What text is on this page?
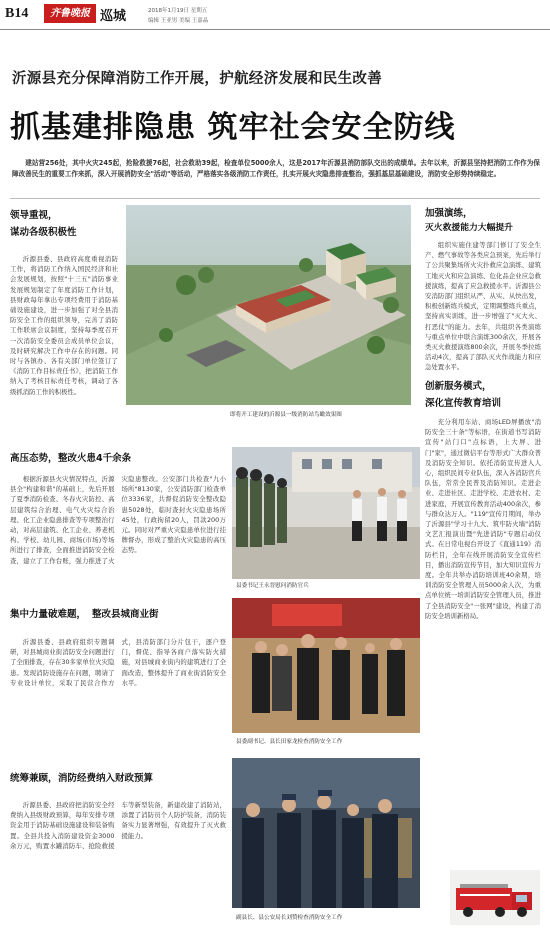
B14	齐鲁晚报 巡城	2018年1月19日 星期五
编辑 王亚男 美编 王嘉晶
沂源县充分保障消防工作开展，护航经济发展和民生改善
抓基建排隐患 筑牢社会安全防线

建站营256处，其中火灾245起，抢险救援76起，社会救助39起，检查单位5000余人，这是2017年沂源县消防部队交出的成绩单。去年以来，沂源县坚持把消防工作作为保障改善民生的重要工作来抓，深入开展消防安全"活动"等活动，严格落实各级消防工作责任，扎实开展火灾隐患排查整治，强抓基层基础建设，消防安全形势持续稳定。

领导重视，
谋动各级积极性

沂源县委、县政府高度重视消防工作，将消防工作纳入国民经济和社会发展规划，按照"十三五"消防事业发展规划制定了年度消防工作计划，县财政每年拿出专项经费用于消防基础设施建设，进一步加强了对全县消防安全工作的组织领导，完善了消防工作联席会议制度，坚持每季度召开一次消防安全委员会成员单位会议，及时研究解决工作中存在的问题。同时与各镇办、各有关部门单位签订了《消防工作目标责任书》，把消防工作纳入了考核目标责任考核，调动了各级抓消防工作的积极性。

即将开工建设的沂源县一级消防站鸟瞰效果图
加强演练，
灭火救援能力大幅提升

组织实施住建等部门修订了安全生产、燃气事故等各类应急预案，先后举行了公共聚集场所火灾扑救应急演练、建筑工地灭火和应急演练、危化品企业应急救援演练，提高了应急救援水平。沂源县公安消防部门组织从严、从实、从快出发，积极创新练兵模式，定期调整练兵重点，坚持真实训练，进一步增强了"灭大火、打恶仗"的能力。去年，共组织各类演练与重点单位中联合演练300余次，开展各类灭火救援演练800余次，开展冬季拉练活动4次，提高了部队灭火作战能力和应急处置水平。

创新服务模式，
深化宣传教育培训

充分利用车站、商场LED屏播放"消防安全三十条"等标语，在街道书写消防宣传"站门口"点标语，上大屏、进门"家"，通过微信平台等形式广大群众普及消防安全知识。依托消防宣传进入人心，组织民间专业队伍，深入各消防官兵队伍，常常全民普及消防知识。走进企业、走进社区、走进学校、走进农村、走进家庭，开展宣传教育活动400余次，参与群众达万人。"119"宣传月期间，举办了沂源县"学习十九大、筑牢防火墙"消防文艺汇报演出暨"先进消防"专题启动仪式。在日常电视台开设了《直通119》消防栏目，全年在线开展消防安全宣传栏目，播出消防宣传节目，加大知识宣传力度。全年共举办消防培训班40余期，培训消防安全管理人员5000余人次，为重点单位统一培训消防安全管理人员，推进了全县消防安全"一张网"建设，构建了消防安全培训新格局。

高压态势， 整改火患4千余条

根据沂源县火灾情况特点，沂源县全"构建和谐"的基础上，先后开展了夏季消防检查、冬春火灾防控、高层建筑综合治理、电气火灾综合治理、化工企业隐患排查等专项整治行动，对高层建筑、化工企业、养老机构、学校、幼儿园、商场(市场)等场所进行了排查，全面推进消防安全检查，建立了工作台账，强力推进了火灾隐患整改。公安部门共检查"九小场所"8130家，公安消防部门检查单位3336家，共督促消防安全整改隐患5028处，临时查封火灾隐患场所45处，行政拘留20人，罚款200万元。同时对严重火灾隐患单位进行挂牌督办，形成了整治火灾隐患的高压态势。

县委书记王永晋慰问消防官兵
集中力量破难题， 整改县城商业街

沂源县委、县政府组织专题调研，对县城商业街消防安全问题进行了全面排查，存在30多家单位火灾隐患。发现消防设施存在问题，聘请了专业设计单位，采取了民营合作方式，县消防部门分片包干，逐户登门，督促、指导各商户落实防火措施，对县城商业街内的建筑进行了全面改造，整体提升了商业街消防安全水平。

县委副书记、县长田家龙检查消防安全工作
统筹兼顾， 消防经费纳入财政预算

沂源县委、县政府把消防安全经费纳入县级财政预算，每年安排专项资金用于消防基础设施建设和装备购置。全县共投入消防建设资金3000余万元，购置水罐消防车、抢险救援车等新型装备，新建改建了消防站，添置了消防员个人防护装备，消防装备实力显著增强，有效提升了灭火救援能力。

副县长、县公安局长刘赞检查消防安全工作
